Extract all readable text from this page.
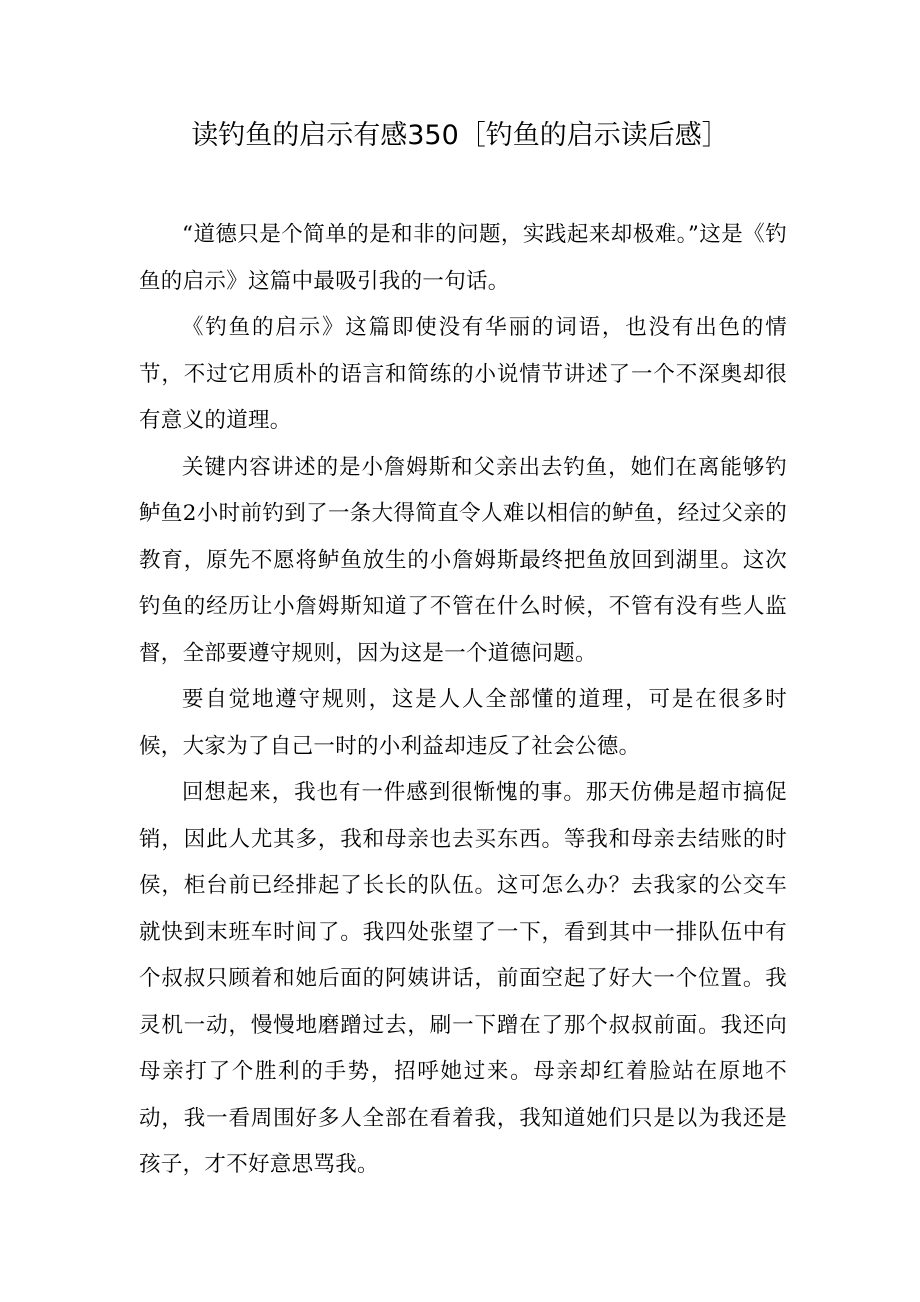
读钓鱼的启示有感350［钓鱼的启示读后感］

“道德只是个简单的是和非的问题，实践起来却极难。”这是《钓鱼的启示》这篇中最吸引我的一句话。

《钓鱼的启示》这篇即使没有华丽的词语，也没有出色的情节，不过它用质朴的语言和简练的小说情节讲述了一个不深奥却很有意义的道理。

关键内容讲述的是小詹姆斯和父亲出去钓鱼，她们在离能够钓鲈鱼2小时前钓到了一条大得简直令人难以相信的鲈鱼，经过父亲的教育，原先不愿将鲈鱼放生的小詹姆斯最终把鱼放回到湖里。这次钓鱼的经历让小詹姆斯知道了不管在什么时候，不管有没有些人监督，全部要遵守规则，因为这是一个道德问题。

要自觉地遵守规则，这是人人全部懂的道理，可是在很多时候，大家为了自己一时的小利益却违反了社会公德。

回想起来，我也有一件感到很惭愧的事。那天仿佛是超市搞促销，因此人尤其多，我和母亲也去买东西。等我和母亲去结账的时侯，柜台前已经排起了长长的队伍。这可怎么办？去我家的公交车就快到末班车时间了。我四处张望了一下，看到其中一排队伍中有个叔叔只顾着和她后面的阿姨讲话，前面空起了好大一个位置。我灵机一动，慢慢地磨蹭过去，刷一下蹭在了那个叔叔前面。我还向母亲打了个胜利的手势，招呼她过来。母亲却红着脸站在原地不动，我一看周围好多人全部在看着我，我知道她们只是以为我还是孩子，才不好意思骂我。
